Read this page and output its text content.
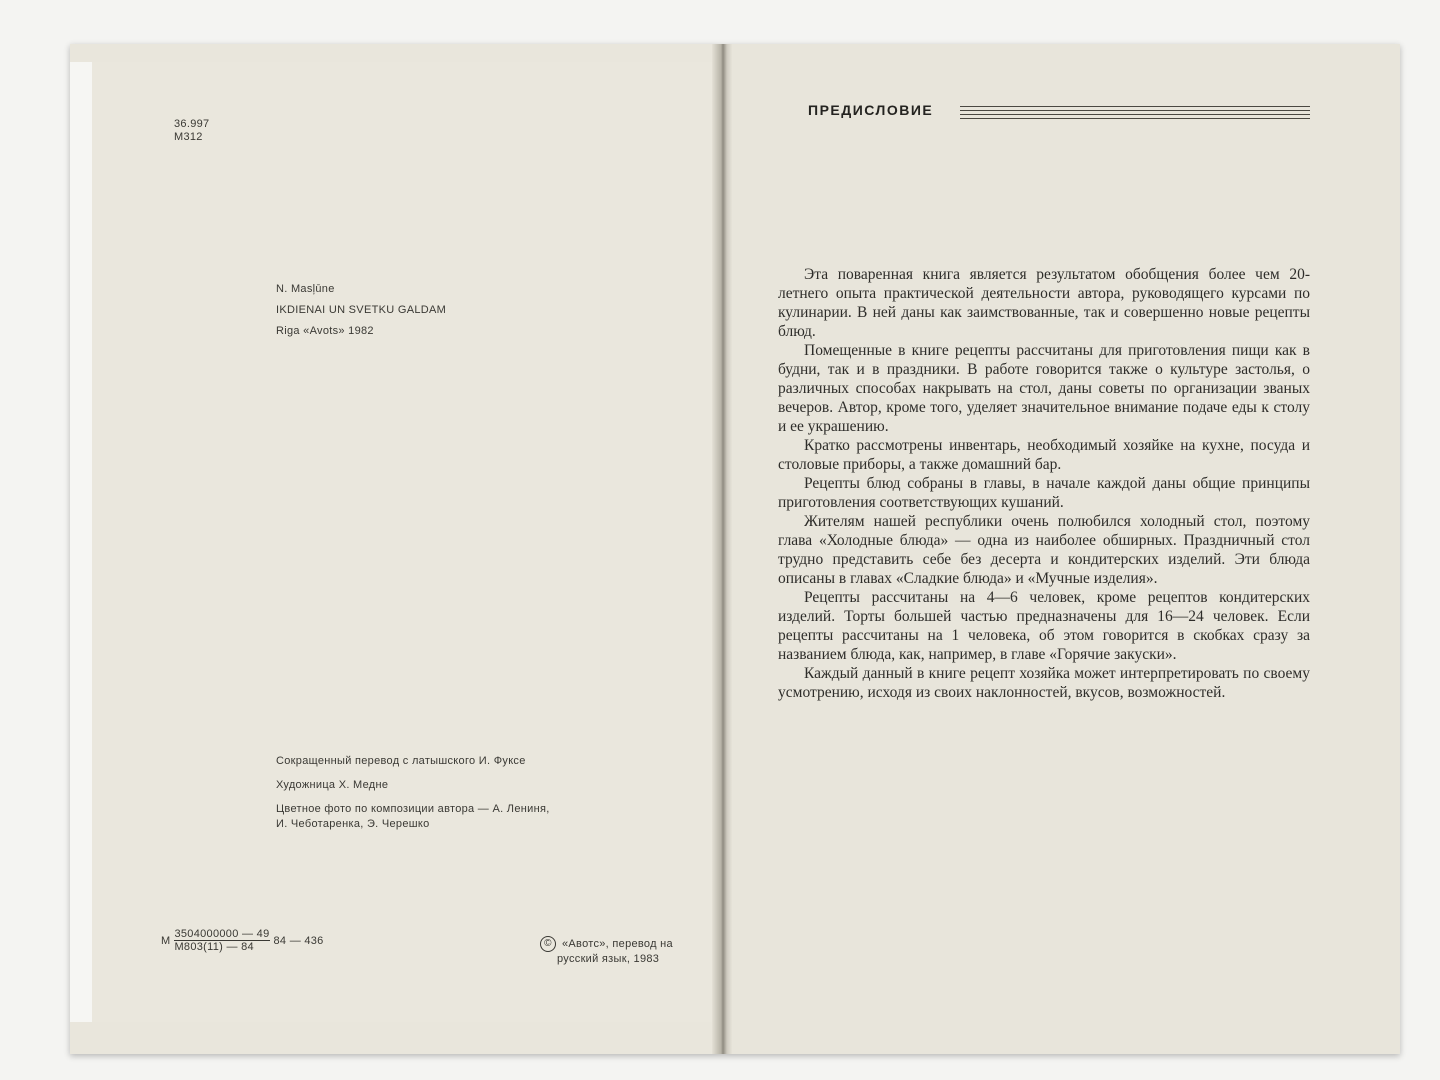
36.997
M312
N. Masļūne
IKDIENAI UN SVETKU GALDAM
Riga «Avots» 1982
Сокращенный перевод с латышского И. Фуксе
Художница Х. Медне
Цветное фото по композиции автора — А. Лениня,
И. Чеботаренка, Э. Черешко
М $\frac{3504000000 — 49}{М803(11) — 84} 84$ — 436	© «Авотс», перевод на
русский язык, 1983
ПРЕДИСЛОВИЕ

Эта поваренная книга является результатом обобщения более чем 20-летнего опыта практической деятельности автора, руководящего курсами по кулинарии. В ней даны как заимствованные, так и совершенно новые рецепты блюд.

Помещенные в книге рецепты рассчитаны для приготовления пищи как в будни, так и в праздники. В работе говорится также о культуре застолья, о различных способах накрывать на стол, даны советы по организации званых вечеров. Автор, кроме того, уделяет значительное внимание подаче еды к столу и ее украшению.

Кратко рассмотрены инвентарь, необходимый хозяйке на кухне, посуда и столовые приборы, а также домашний бар.

Рецепты блюд собраны в главы, в начале каждой даны общие принципы приготовления соответствующих кушаний.

Жителям нашей республики очень полюбился холодный стол, поэтому глава «Холодные блюда» — одна из наиболее обширных. Праздничный стол трудно представить себе без десерта и кондитерских изделий. Эти блюда описаны в главах «Сладкие блюда» и «Мучные изделия».

Рецепты рассчитаны на 4—6 человек, кроме рецептов кондитерских изделий. Торты большей частью предназначены для 16—24 человек. Если рецепты рассчитаны на 1 человека, об этом говорится в скобках сразу за названием блюда, как, например, в главе «Горячие закуски».

Каждый данный в книге рецепт хозяйка может интерпретировать по своему усмотрению, исходя из своих наклонностей, вкусов, возможностей.
